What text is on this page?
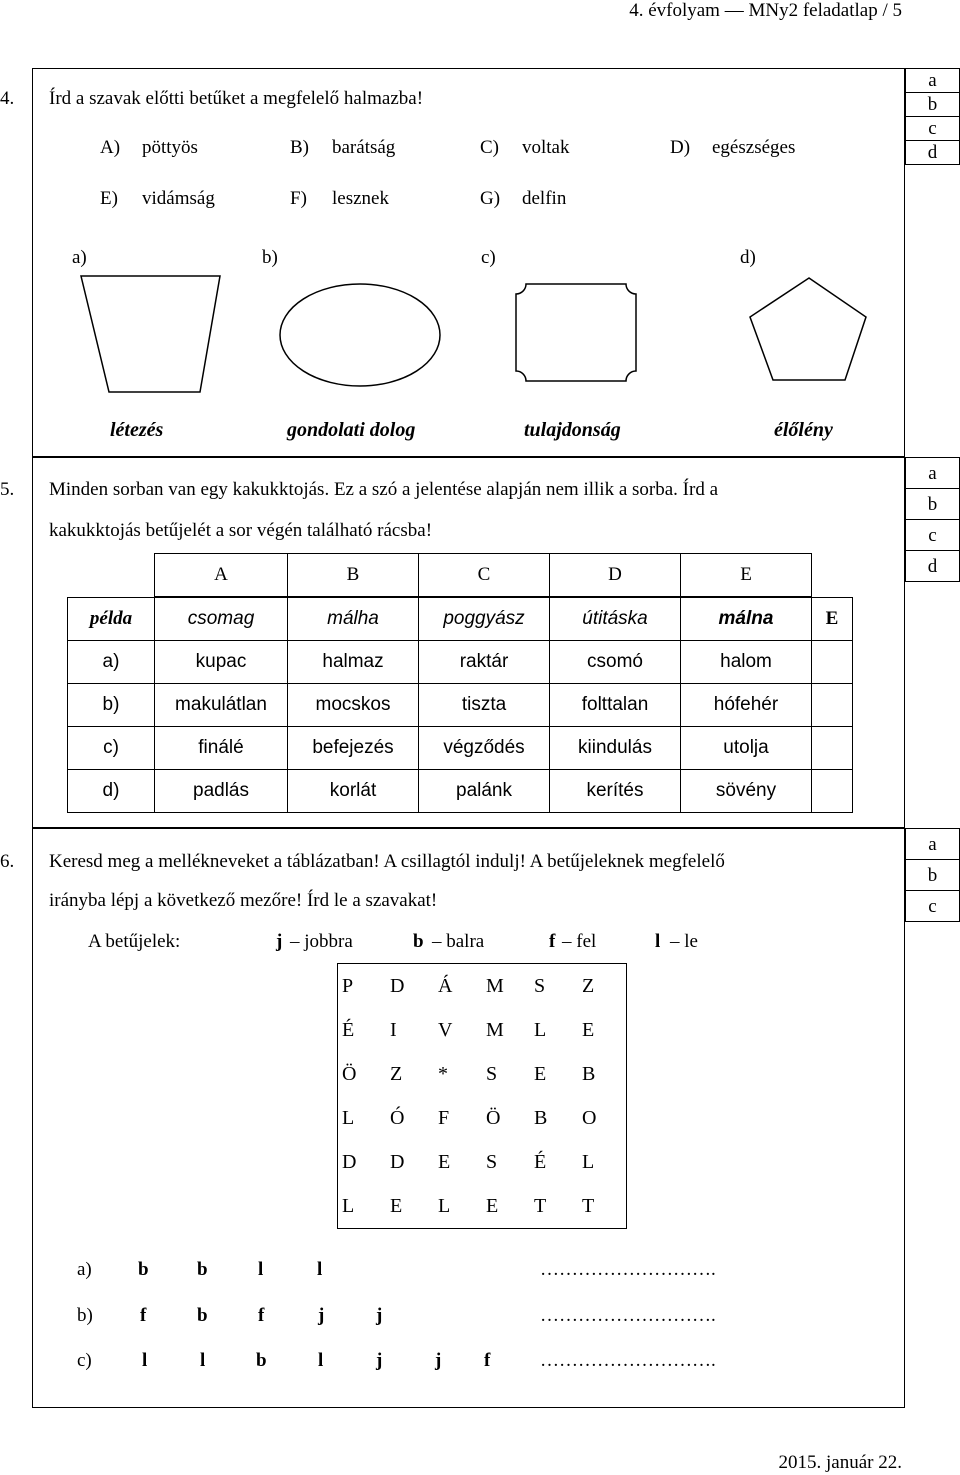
4. évfolyam — MNy2 feladatlap / 5
4. Írd a szavak előtti betűket a megfelelő halmazba!
a
b
c
d
A) pöttyös	B) barátság	C) voltak	D) egészséges
E) vidámság	F) lesznek	G) delfin
a)	b)	c)	d)
létezés	gondolati dolog	tulajdonság	élőlény
5. Minden sorban van egy kakukktojás. Ez a szó a jelentése alapján nem illik a sorba. Írd a
kakukktojás betűjelét a sor végén található rácsba!
a
b
c
d
A	B	C	D	E
példa	csomag	málha	poggyász	útitáska	málna	E
a)	kupac	halmaz	raktár	csomó	halom	
b)	makulátlan	mocskos	tiszta	folttalan	hófehér	
c)	finálé	befejezés	végződés	kiindulás	utolja	
d)	padlás	korlát	palánk	kerítés	sövény	
6. Keresd meg a mellékneveket a táblázatban! A csillagtól indulj! A betűjeleknek megfelelő
irányba lépj a következő mezőre! Írd le a szavakat!
a
b
c
A betűjelek:	j – jobbra	b – balra	f – fel	l – le
P	D	Á	M	S	Z
É	I	V	M	L	E
Ö	Z	*	S	E	B
L	Ó	F	Ö	B	O
D	D	E	S	É	L
L	E	L	E	T	T
a) b	b	l	l	……………………….
b) f	b	f	j	j	……………………….
c)	l	l	b	l	j	j f	……………………….
2015. január 22.
